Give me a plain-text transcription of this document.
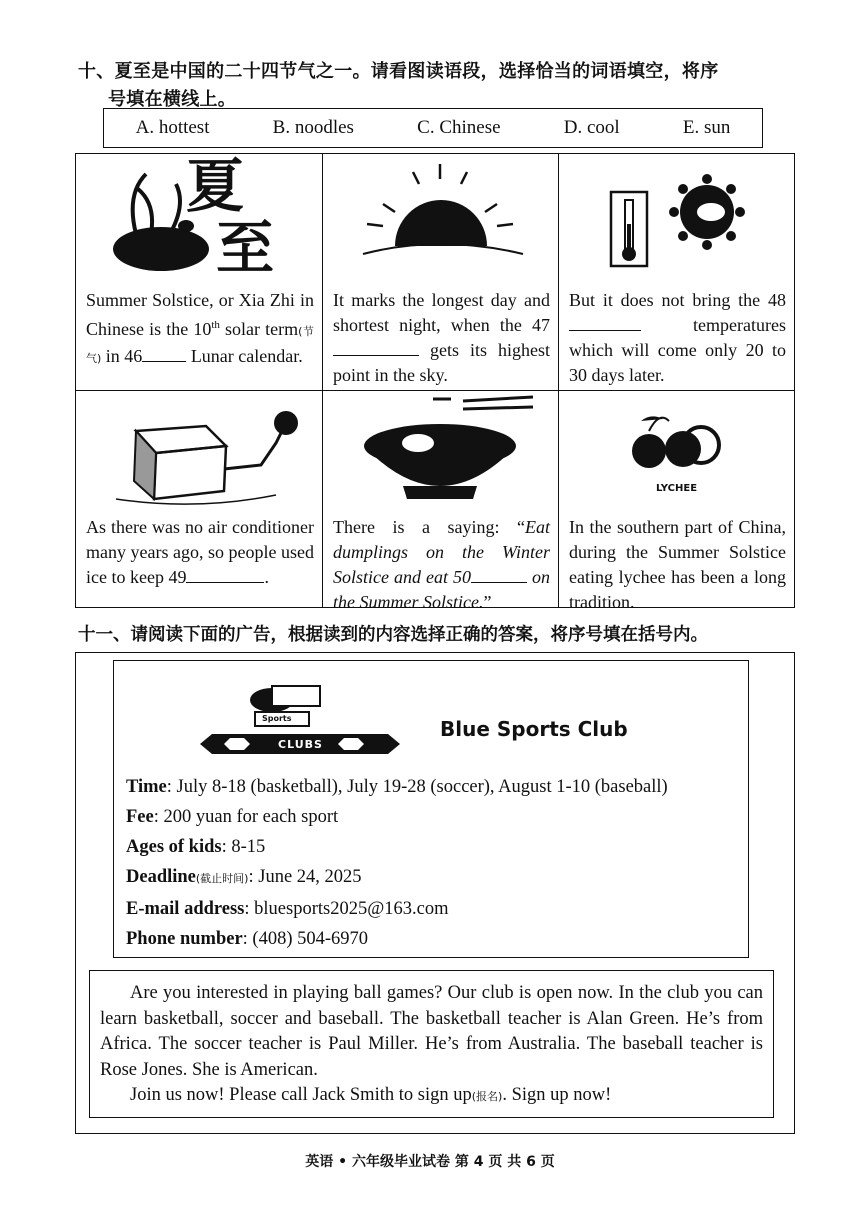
十、夏至是中国的二十四节气之一。请看图读语段，选择恰当的词语填空，将序
号填在横线上。
A. hottest	B. noodles	C. Chinese	D. cool	E. sun
夏
至
Summer Solstice, or Xia Zhi in Chinese is the 10th solar term(节气) in 46 Lunar calendar.
It marks the longest day and shortest night, when the 47 gets its highest point in the sky.
But it does not bring the 48 temperatures which will come only 20 to 30 days later.
As there was no air conditioner many years ago, so people used ice to keep 49	.
There is a saying: “Eat dumplings on the Winter Solstice and eat 50	on the Summer Solstice.”
LYCHEE
In the southern part of China, during the Summer Solstice eating lychee has been a long tradition.
十一、请阅读下面的广告，根据读到的内容选择正确的答案，将序号填在括号内。
Sports
CLUBS
Blue Sports Club
Time: July 8-18 (basketball), July 19-28 (soccer), August 1-10 (baseball)
Fee: 200 yuan for each sport
Ages of kids: 8-15
Deadline(截止时间): June 24, 2025
E-mail address: bluesports2025@163.com
Phone number: (408) 504-6970

Are you interested in playing ball games? Our club is open now. In the club you can learn basketball, soccer and baseball. The basketball teacher is Alan Green. He’s from Africa. The soccer teacher is Paul Miller. He’s from Australia. The baseball teacher is Rose Jones. She is American.

Join us now! Please call Jack Smith to sign up(报名). Sign up now!

英语 • 六年级毕业试卷 第 4 页 共 6 页
